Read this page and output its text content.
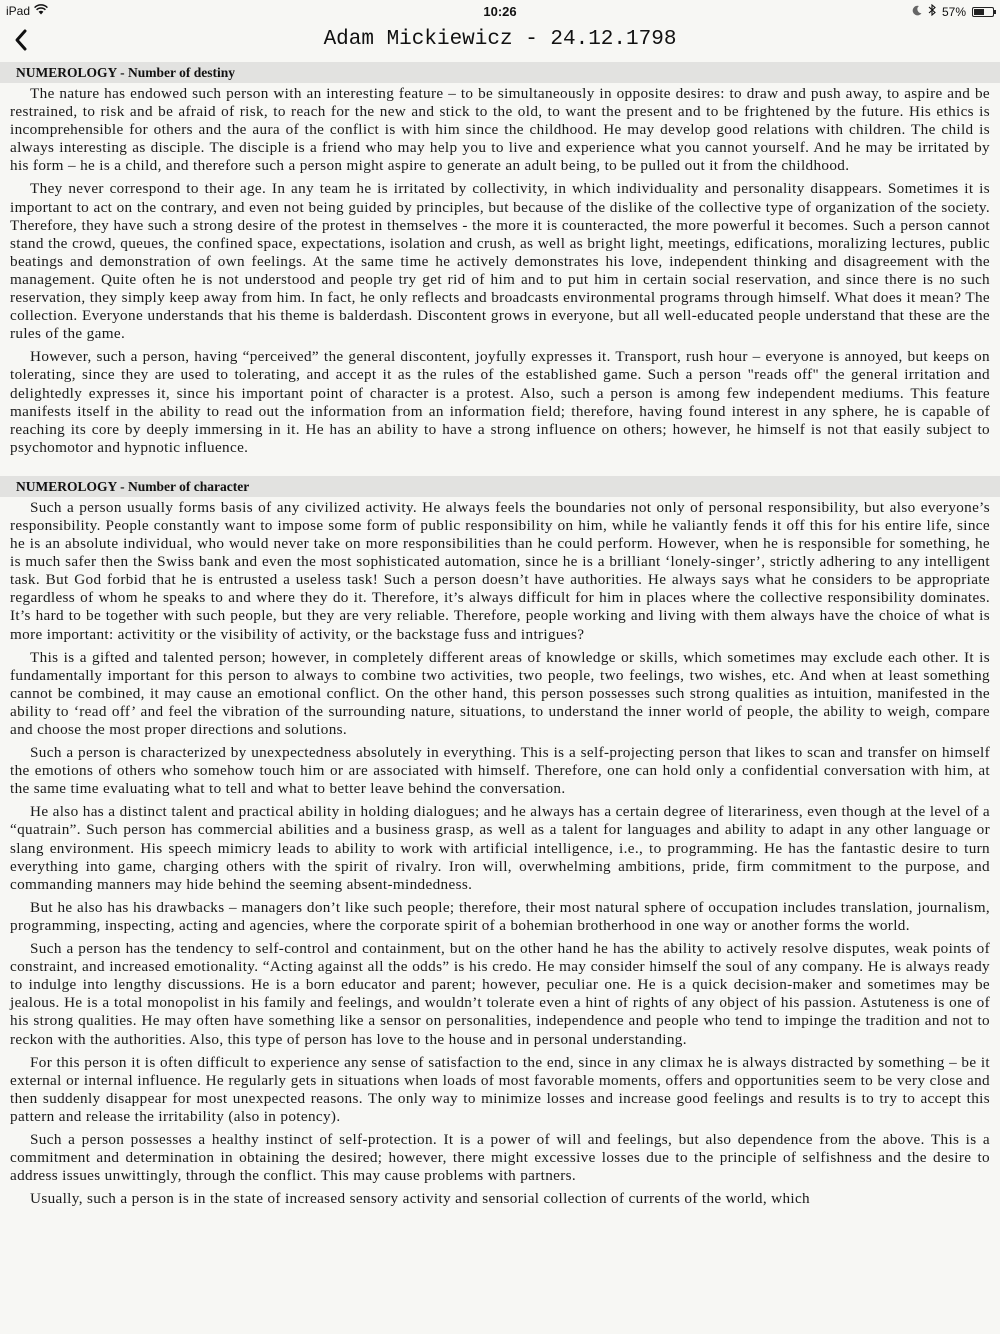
iPad	10:26	57%
Adam Mickiewicz - 24.12.1798
NUMEROLOGY - Number of destiny

The nature has endowed such person with an interesting feature – to be simultaneously in opposite desires: to draw and push away, to aspire and be restrained, to risk and be afraid of risk, to reach for the new and stick to the old, to want the present and to be frightened by the future. His ethics is incomprehensible for others and the aura of the conflict is with him since the childhood. He may develop good relations with children. The child is always interesting as disciple. The disciple is a friend who may help you to live and experience what you cannot yourself. And he may be irritated by his form – he is a child, and therefore such a person might aspire to generate an adult being, to be pulled out it from the childhood.

They never correspond to their age. In any team he is irritated by collectivity, in which individuality and personality disappears. Sometimes it is important to act on the contrary, and even not being guided by principles, but because of the dislike of the collective type of organization of the society. Therefore, they have such a strong desire of the protest in themselves - the more it is counteracted, the more powerful it becomes. Such a person cannot stand the crowd, queues, the confined space, expectations, isolation and crush, as well as bright light, meetings, edifications, moralizing lectures, public beatings and demonstration of own feelings. At the same time he actively demonstrates his love, independent thinking and disagreement with the management. Quite often he is not understood and people try get rid of him and to put him in certain social reservation, and since there is no such reservation, they simply keep away from him. In fact, he only reflects and broadcasts environmental programs through himself. What does it mean? The collection. Everyone understands that his theme is balderdash. Discontent grows in everyone, but all well-educated people understand that these are the rules of the game.

However, such a person, having “perceived” the general discontent, joyfully expresses it. Transport, rush hour – everyone is annoyed, but keeps on tolerating, since they are used to tolerating, and accept it as the rules of the established game. Such a person "reads off" the general irritation and delightedly expresses it, since his important point of character is a protest. Also, such a person is among few independent mediums. This feature manifests itself in the ability to read out the information from an information field; therefore, having found interest in any sphere, he is capable of reaching its core by deeply immersing in it. He has an ability to have a strong influence on others; however, he himself is not that easily subject to psychomotor and hypnotic influence.

NUMEROLOGY - Number of character

Such a person usually forms basis of any civilized activity. He always feels the boundaries not only of personal responsibility, but also everyone’s responsibility. People constantly want to impose some form of public responsibility on him, while he valiantly fends it off this for his entire life, since he is an absolute individual, who would never take on more responsibilities than he could perform. However, when he is responsible for something, he is much safer then the Swiss bank and even the most sophisticated automation, since he is a brilliant ‘lonely-singer’, strictly adhering to any intelligent task. But God forbid that he is entrusted a useless task! Such a person doesn’t have authorities. He always says what he considers to be appropriate regardless of whom he speaks to and where they do it. Therefore, it’s always difficult for him in places where the collective responsibility dominates. It’s hard to be together with such people, but they are very reliable. Therefore, people working and living with them always have the choice of what is more important: activitity or the visibility of activity, or the backstage fuss and intrigues?

This is a gifted and talented person; however, in completely different areas of knowledge or skills, which sometimes may exclude each other. It is fundamentally important for this person to always to combine two activities, two people, two feelings, two wishes, etc. And when at least something cannot be combined, it may cause an emotional conflict. On the other hand, this person possesses such strong qualities as intuition, manifested in the ability to ‘read off’ and feel the vibration of the surrounding nature, situations, to understand the inner world of people, the ability to weigh, compare and choose the most proper directions and solutions.

Such a person is characterized by unexpectedness absolutely in everything. This is a self-projecting person that likes to scan and transfer on himself the emotions of others who somehow touch him or are associated with himself. Therefore, one can hold only a confidential conversation with him, at the same time evaluating what to tell and what to better leave behind the conversation.

He also has a distinct talent and practical ability in holding dialogues; and he always has a certain degree of literariness, even though at the level of a “quatrain”. Such person has commercial abilities and a business grasp, as well as a talent for languages and ability to adapt in any other language or slang environment. His speech mimicry leads to ability to work with artificial intelligence, i.e., to programming. He has the fantastic desire to turn everything into game, charging others with the spirit of rivalry. Iron will, overwhelming ambitions, pride, firm commitment to the purpose, and commanding manners may hide behind the seeming absent-mindedness.

But he also has his drawbacks – managers don’t like such people; therefore, their most natural sphere of occupation includes translation, journalism, programming, inspecting, acting and agencies, where the corporate spirit of a bohemian brotherhood in one way or another forms the world.

Such a person has the tendency to self-control and containment, but on the other hand he has the ability to actively resolve disputes, weak points of constraint, and increased emotionality. “Acting against all the odds” is his credo. He may consider himself the soul of any company. He is always ready to indulge into lengthy discussions. He is a born educator and parent; however, peculiar one. He is a quick decision-maker and sometimes may be jealous. He is a total monopolist in his family and feelings, and wouldn’t tolerate even a hint of rights of any object of his passion. Astuteness is one of his strong qualities. He may often have something like a sensor on personalities, independence and people who tend to impinge the tradition and not to reckon with the authorities. Also, this type of person has love to the house and in personal understanding.

For this person it is often difficult to experience any sense of satisfaction to the end, since in any climax he is always distracted by something – be it external or internal influence. He regularly gets in situations when loads of most favorable moments, offers and opportunities seem to be very close and then suddenly disappear for most unexpected reasons. The only way to minimize losses and increase good feelings and results is to try to accept this pattern and release the irritability (also in potency).

Such a person possesses a healthy instinct of self-protection. It is a power of will and feelings, but also dependence from the above. This is a commitment and determination in obtaining the desired; however, there might excessive losses due to the principle of selfishness and the desire to address issues unwittingly, through the conflict. This may cause problems with partners.

Usually, such a person is in the state of increased sensory activity and sensorial collection of currents of the world, which
